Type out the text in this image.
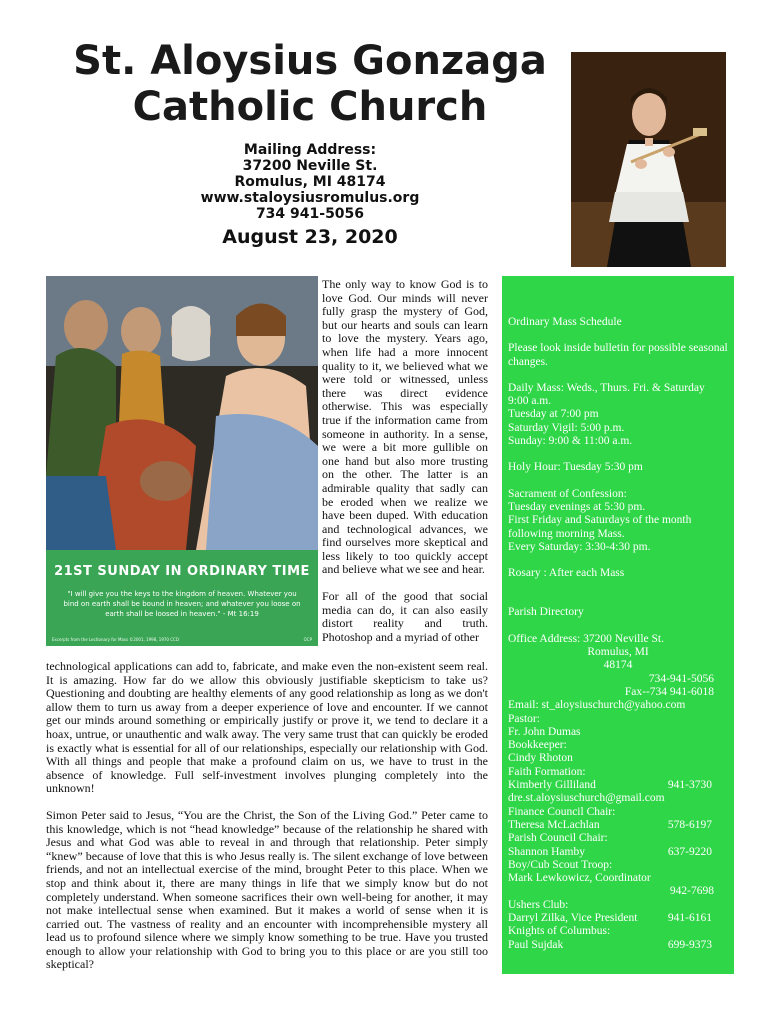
St. Aloysius Gonzaga
Catholic Church
Mailing Address:
37200 Neville St.
Romulus, MI 48174
www.staloysiusromulus.org
734 941-5056
August 23, 2020
21ST SUNDAY IN ORDINARY TIME
"I will give you the keys to the kingdom of heaven. Whatever you bind on earth shall be bound in heaven; and whatever you loose on earth shall be loosed in heaven." - Mt 16:19
Excerpts from the Lectionary for Mass ©2001, 1998, 1970 CCD	OCP

The only way to know God is to love God. Our minds will never fully grasp the mystery of God, but our hearts and souls can learn to love the mystery. Years ago, when life had a more innocent quality to it, we believed what we were told or witnessed, unless there was direct evidence otherwise. This was especially true if the information came from someone in authority. In a sense, we were a bit more gullible on one hand but also more trusting on the other. The latter is an admirable quality that sadly can be eroded when we realize we have been duped. With education and technological advances, we find ourselves more skeptical and less likely to too quickly accept and believe what we see and hear.

For all of the good that social media can do, it can also easily distort reality and truth. Photoshop and a myriad of other

technological applications can add to, fabricate, and make even the non-existent seem real. It is amazing. How far do we allow this obviously justifiable skepticism to take us? Questioning and doubting are healthy elements of any good relationship as long as we don't allow them to turn us away from a deeper experience of love and encounter. If we cannot get our minds around something or empirically justify or prove it, we tend to declare it a hoax, untrue, or unauthentic and walk away. The very same trust that can quickly be eroded is exactly what is essential for all of our relationships, especially our relationship with God. With all things and people that make a profound claim on us, we have to trust in the absence of knowledge. Full self-investment involves plunging completely into the unknown!

Simon Peter said to Jesus, “You are the Christ, the Son of the Living God.” Peter came to this knowledge, which is not “head knowledge” because of the relationship he shared with Jesus and what God was able to reveal in and through that relationship. Peter simply “knew” because of love that this is who Jesus really is. The silent exchange of love between friends, and not an intellectual exercise of the mind, brought Peter to this place. When we stop and think about it, there are many things in life that we simply know but do not completely understand. When someone sacrifices their own well-being for another, it may not make intellectual sense when examined. But it makes a world of sense when it is carried out. The vastness of reality and an encounter with incomprehensible mystery all lead us to profound silence where we simply know something to be true. Have you trusted enough to allow your relationship with God to bring you to this place or are you still too skeptical?

Ordinary Mass Schedule
Please look inside bulletin for possible seasonal changes.
Daily Mass: Weds., Thurs. Fri. & Saturday
9:00 a.m.
Tuesday at 7:00 pm
Saturday Vigil: 5:00 p.m.
Sunday: 9:00 & 11:00 a.m.
Holy Hour: Tuesday 5:30 pm
Sacrament of Confession:
Tuesday evenings at 5:30 pm.
First Friday and Saturdays of the month
following morning Mass.
Every Saturday: 3:30-4:30 pm.
Rosary : After each Mass
Parish Directory
Office Address: 37200 Neville St.
Romulus, MI
48174
734-941-5056
Fax--734 941-6018
Email: st_aloysiuschurch@yahoo.com
Pastor:
Fr. John Dumas
Bookkeeper:
Cindy Rhoton
Faith Formation:
Kimberly Gilliland	941-3730
dre.st.aloysiuschurch@gmail.com
Finance Council Chair:
Theresa McLachlan	578-6197
Parish Council Chair:
Shannon Hamby	637-9220
Boy/Cub Scout Troop:
Mark Lewkowicz, Coordinator
942-7698
Ushers Club:
Darryl Zilka, Vice President	941-6161
Knights of Columbus:
Paul Sujdak	699-9373
